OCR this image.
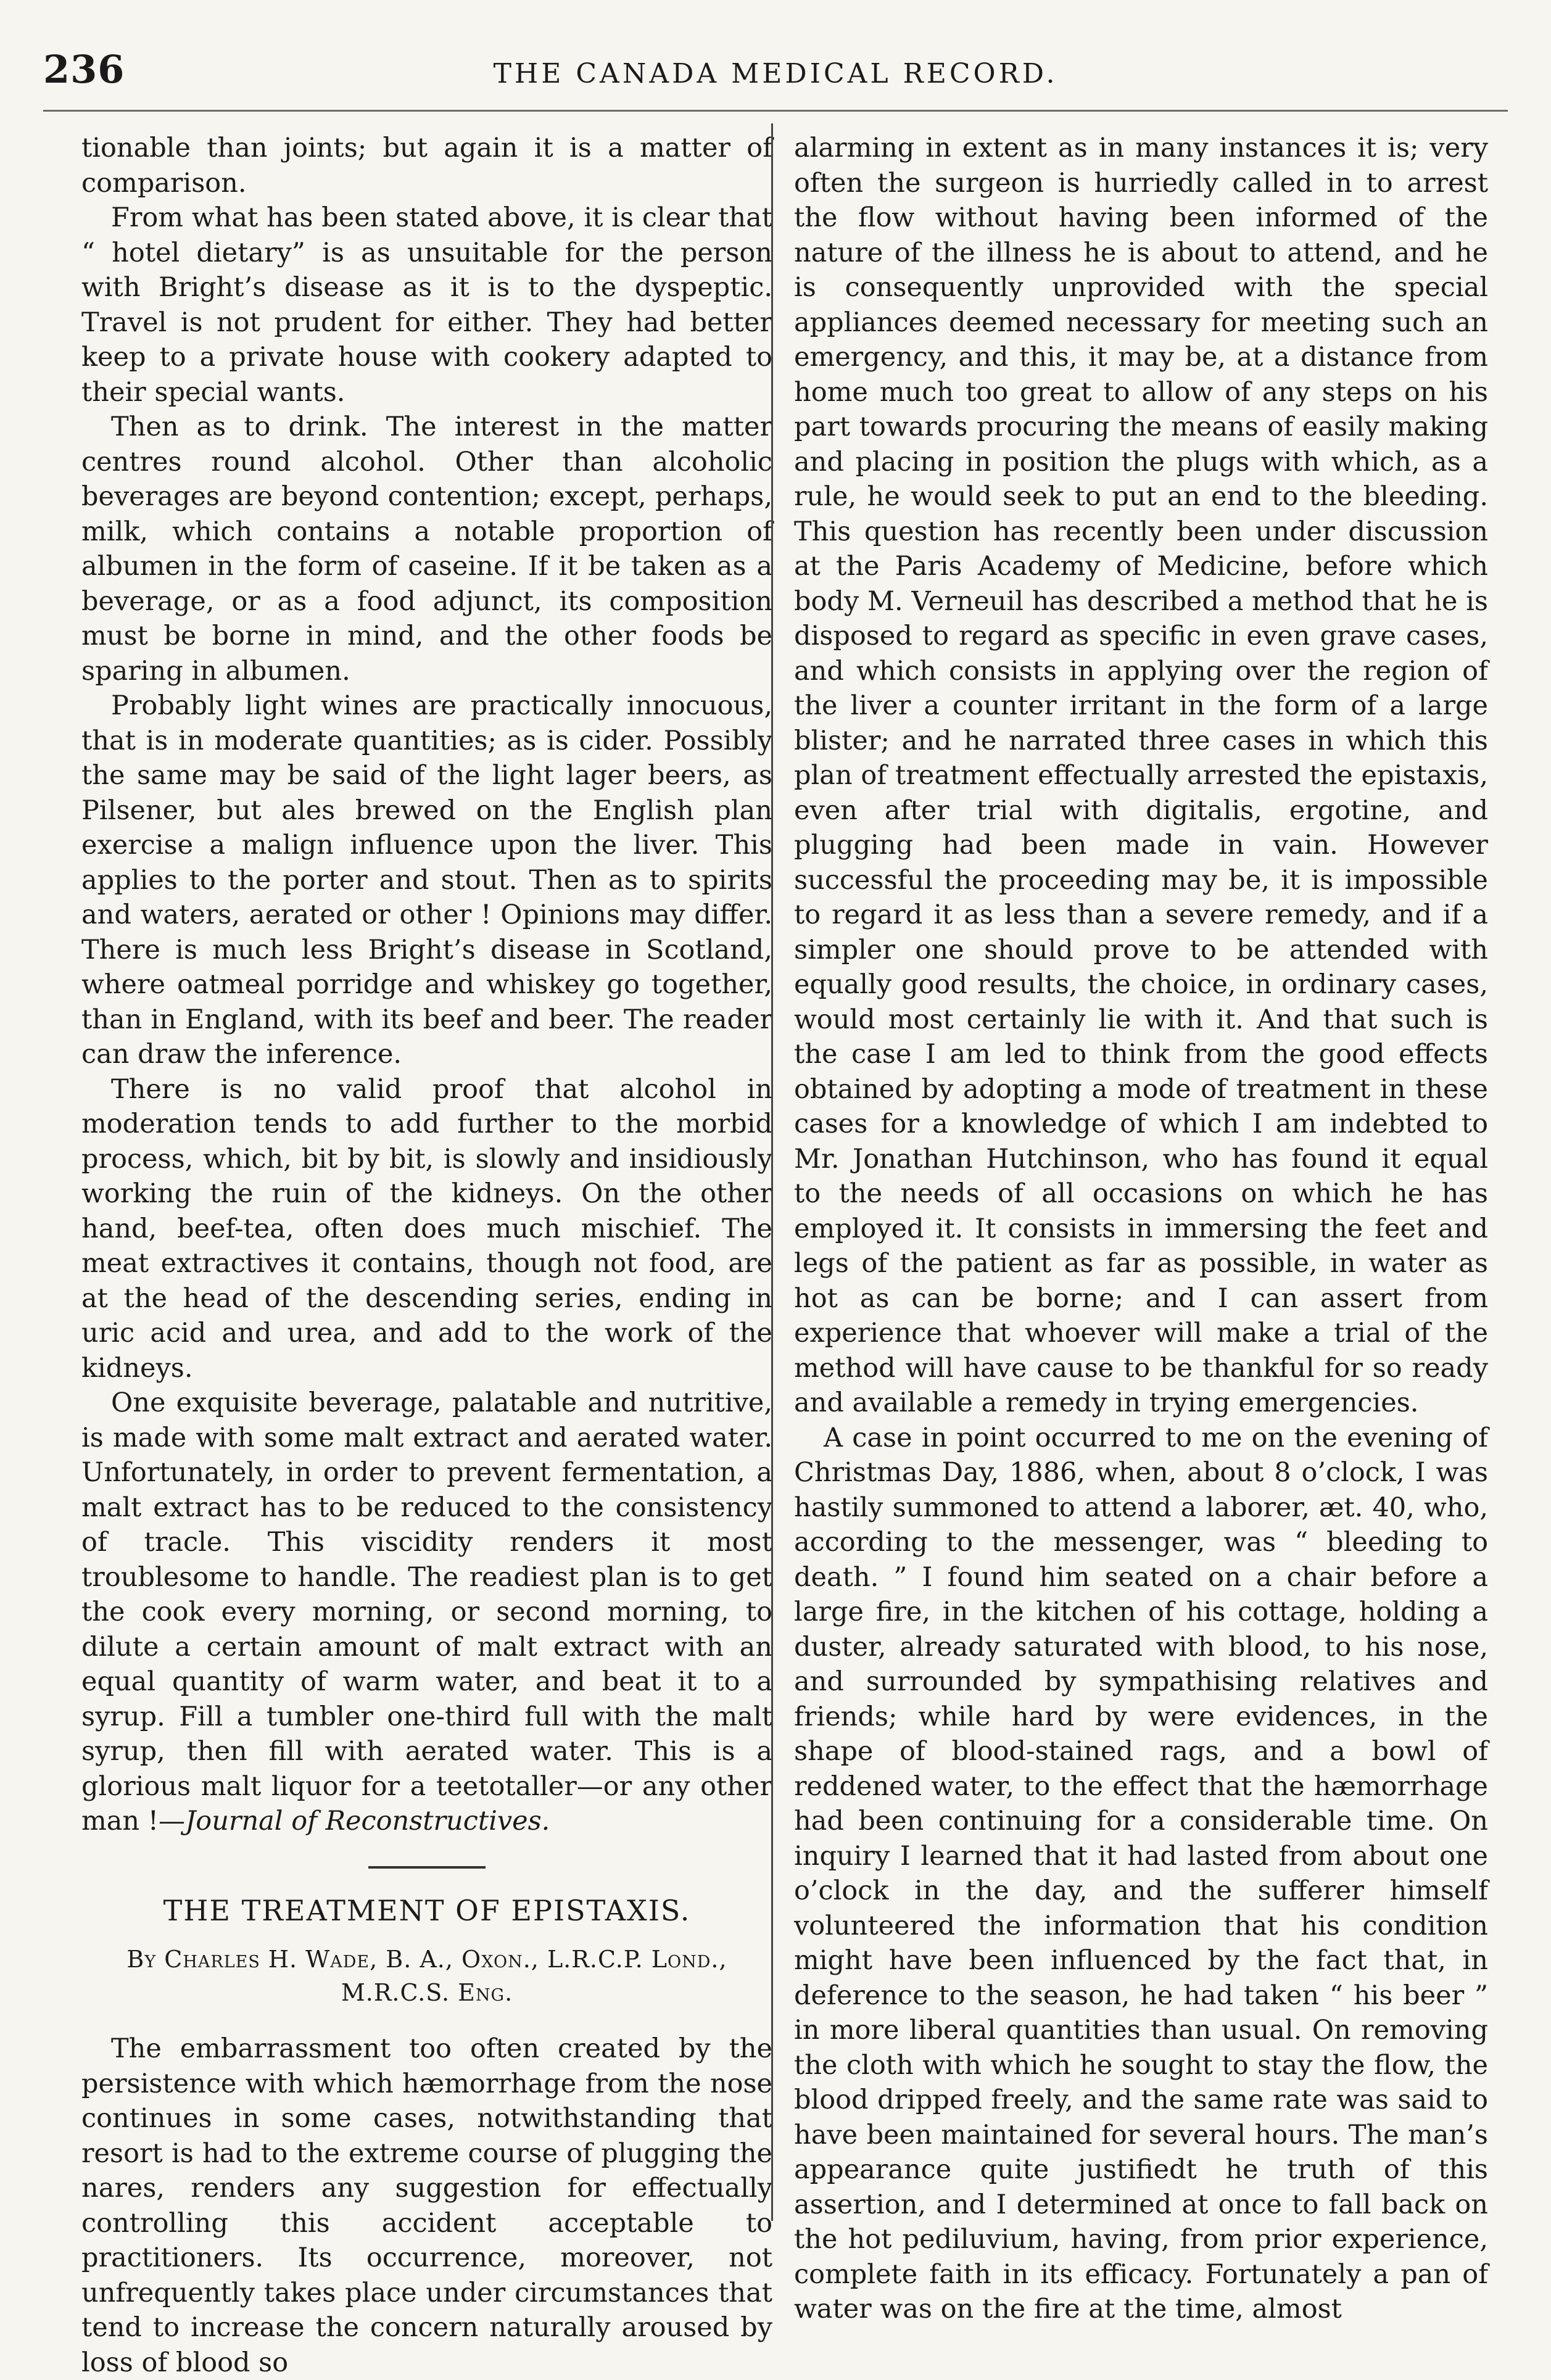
236	THE CANADA MEDICAL RECORD.

tionable than joints; but again it is a matter of comparison.

From what has been stated above, it is clear that “ hotel dietary” is as unsuitable for the person with Bright’s disease as it is to the dyspeptic. Travel is not prudent for either. They had better keep to a private house with cookery adapted to their special wants.

Then as to drink. The interest in the matter centres round alcohol. Other than alcoholic beverages are beyond contention; except, perhaps, milk, which contains a notable proportion of albumen in the form of caseine. If it be taken as a beverage, or as a food adjunct, its composition must be borne in mind, and the other foods be sparing in albumen.

Probably light wines are practically innocuous, that is in moderate quantities; as is cider. Possibly the same may be said of the light lager beers, as Pilsener, but ales brewed on the English plan exercise a malign influence upon the liver. This applies to the porter and stout. Then as to spirits and waters, aerated or other ! Opinions may differ. There is much less Bright’s disease in Scotland, where oatmeal porridge and whiskey go together, than in England, with its beef and beer. The reader can draw the inference.

There is no valid proof that alcohol in moderation tends to add further to the morbid process, which, bit by bit, is slowly and insidiously working the ruin of the kidneys. On the other hand, beef-tea, often does much mischief. The meat extractives it contains, though not food, are at the head of the descending series, ending in uric acid and urea, and add to the work of the kidneys.

One exquisite beverage, palatable and nutritive, is made with some malt extract and aerated water. Unfortunately, in order to prevent fermentation, a malt extract has to be reduced to the consistency of tracle. This viscidity renders it most troublesome to handle. The readiest plan is to get the cook every morning, or second morning, to dilute a certain amount of malt extract with an equal quantity of warm water, and beat it to a syrup. Fill a tumbler one-third full with the malt syrup, then fill with aerated water. This is a glorious malt liquor for a teetotaller—or any other man !—Journal of Reconstructives.

THE TREATMENT OF EPISTAXIS.
By Charles H. Wade, B. A., Oxon., L.R.C.P. Lond.,
M.R.C.S. Eng.

The embarrassment too often created by the persistence with which hæmorrhage from the nose continues in some cases, notwithstanding that resort is had to the extreme course of plugging the nares, renders any suggestion for effectually controlling this accident acceptable to practitioners. Its occurrence, moreover, not unfrequently takes place under circumstances that tend to increase the concern naturally aroused by loss of blood so

alarming in extent as in many instances it is; very often the surgeon is hurriedly called in to arrest the flow without having been informed of the nature of the illness he is about to attend, and he is consequently unprovided with the special appliances deemed necessary for meeting such an emergency, and this, it may be, at a distance from home much too great to allow of any steps on his part towards procuring the means of easily making and placing in position the plugs with which, as a rule, he would seek to put an end to the bleeding. This question has recently been under discussion at the Paris Academy of Medicine, before which body M. Verneuil has described a method that he is disposed to regard as specific in even grave cases, and which consists in applying over the region of the liver a counter irritant in the form of a large blister; and he narrated three cases in which this plan of treatment effectually arrested the epistaxis, even after trial with digitalis, ergotine, and plugging had been made in vain. However successful the proceeding may be, it is impossible to regard it as less than a severe remedy, and if a simpler one should prove to be attended with equally good results, the choice, in ordinary cases, would most certainly lie with it. And that such is the case I am led to think from the good effects obtained by adopting a mode of treatment in these cases for a knowledge of which I am indebted to Mr. Jonathan Hutchinson, who has found it equal to the needs of all occasions on which he has employed it. It consists in immersing the feet and legs of the patient as far as possible, in water as hot as can be borne; and I can assert from experience that whoever will make a trial of the method will have cause to be thankful for so ready and available a remedy in trying emergencies.

A case in point occurred to me on the evening of Christmas Day, 1886, when, about 8 o’clock, I was hastily summoned to attend a laborer, æt. 40, who, according to the messenger, was “ bleeding to death. ” I found him seated on a chair before a large fire, in the kitchen of his cottage, holding a duster, already saturated with blood, to his nose, and surrounded by sympathising relatives and friends; while hard by were evidences, in the shape of blood-stained rags, and a bowl of reddened water, to the effect that the hæmorrhage had been continuing for a considerable time. On inquiry I learned that it had lasted from about one o’clock in the day, and the sufferer himself volunteered the information that his condition might have been influenced by the fact that, in deference to the season, he had taken “ his beer ” in more liberal quantities than usual. On removing the cloth with which he sought to stay the flow, the blood dripped freely, and the same rate was said to have been maintained for several hours. The man’s appearance quite justifiedt he truth of this assertion, and I determined at once to fall back on the hot pediluvium, having, from prior experience, complete faith in its efficacy. Fortunately a pan of water was on the fire at the time, almost
